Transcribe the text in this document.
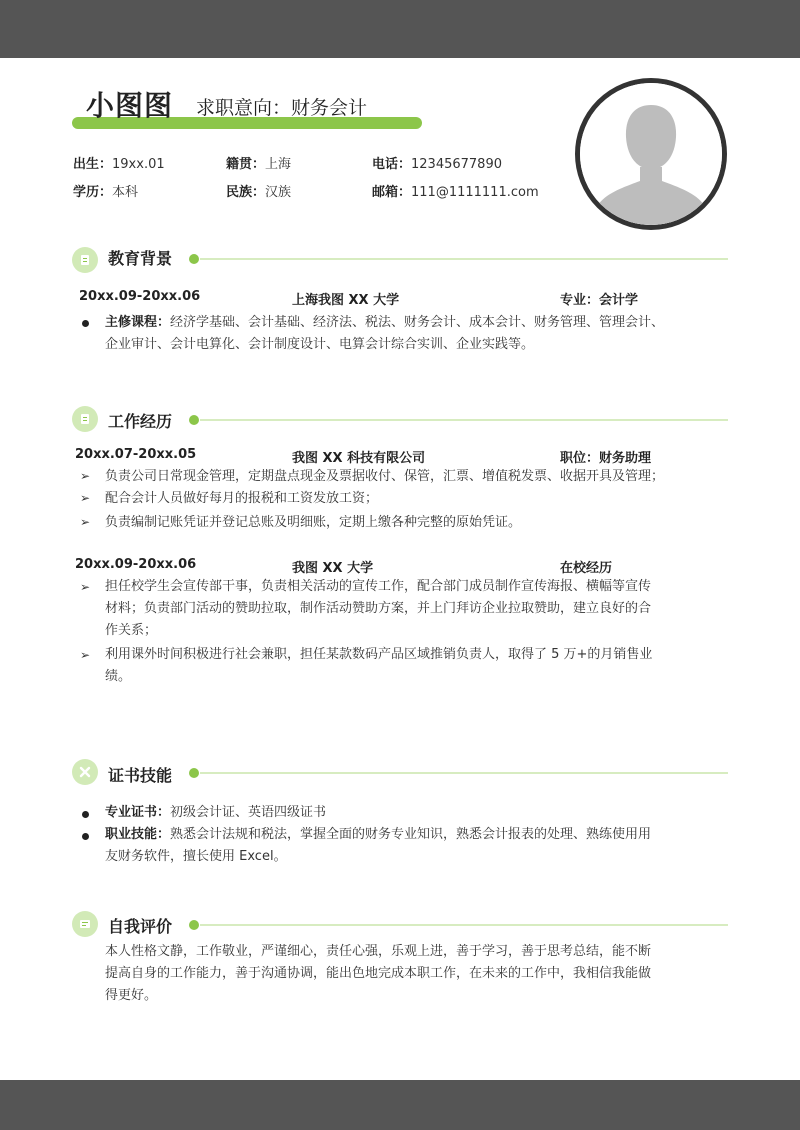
小图图 求职意向：财务会计
出生：19xx.01	籍贯：上海	电话：12345677890
学历：本科	民族：汉族	邮箱：111@1111111.com
教育背景
20xx.09-20xx.06	上海我图 XX 大学	专业：会计学
主修课程：经济学基础、会计基础、经济法、税法、财务会计、成本会计、财务管理、管理会计、
企业审计、会计电算化、会计制度设计、电算会计综合实训、企业实践等。
工作经历
20xx.07-20xx.05	我图 XX 科技有限公司	职位：财务助理
➢ 负责公司日常现金管理，定期盘点现金及票据收付、保管，汇票、增值税发票、收据开具及管理；
➢ 配合会计人员做好每月的报税和工资发放工资；
➢ 负责编制记账凭证并登记总账及明细账，定期上缴各种完整的原始凭证。
20xx.09-20xx.06	我图 XX 大学	在校经历
➢ 担任校学生会宣传部干事，负责相关活动的宣传工作，配合部门成员制作宣传海报、横幅等宣传
材料；负责部门活动的赞助拉取，制作活动赞助方案，并上门拜访企业拉取赞助，建立良好的合
作关系；
➢ 利用课外时间积极进行社会兼职，担任某款数码产品区域推销负责人，取得了 5 万+的月销售业
绩。
证书技能
专业证书：初级会计证、英语四级证书
职业技能：熟悉会计法规和税法，掌握全面的财务专业知识，熟悉会计报表的处理、熟练使用用
友财务软件，擅长使用 Excel。
自我评价
本人性格文静，工作敬业，严谨细心，责任心强，乐观上进，善于学习，善于思考总结，能不断
提高自身的工作能力，善于沟通协调，能出色地完成本职工作，在未来的工作中，我相信我能做
得更好。
